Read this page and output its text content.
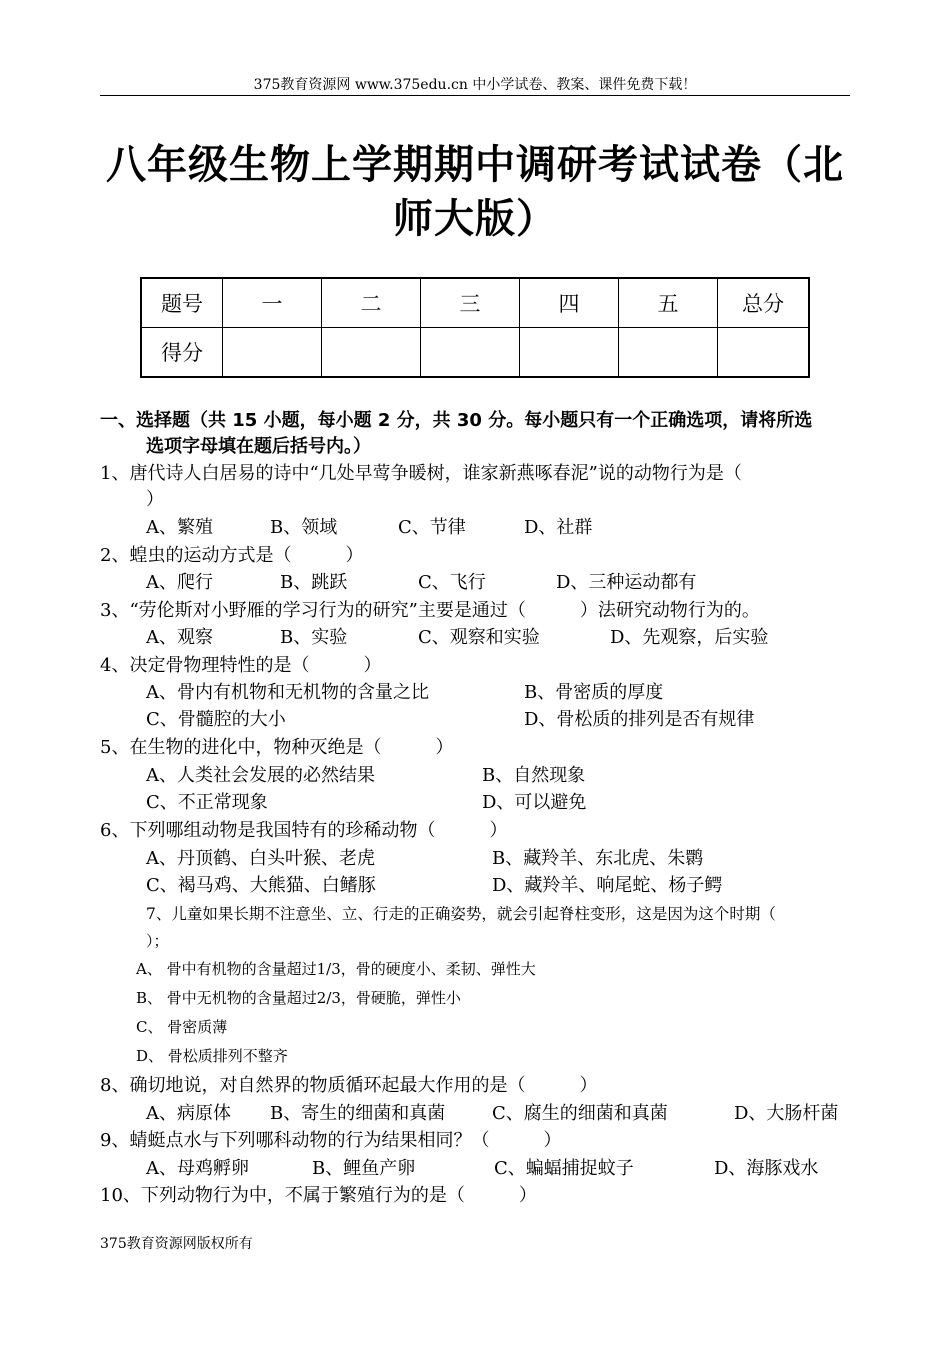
375教育资源网 www.375edu.cn 中小学试卷、教案、课件免费下载！
八年级生物上学期期中调研考试试卷（北
师大版）
题号	一	二	三	四	五	总分
得分						
一、选择题（共 15 小题，每小题 2 分，共 30 分。每小题只有一个正确选项，请将所选
选项字母填在题后括号内。）
1、唐代诗人白居易的诗中“几处早莺争暖树，谁家新燕啄春泥”说的动物行为是（
）
A、繁殖	B、领域	C、节律	D、社群
2、蝗虫的运动方式是（　　　）
A、爬行	B、跳跃	C、飞行	D、三种运动都有
3、“劳伦斯对小野雁的学习行为的研究”主要是通过（　　　）法研究动物行为的。
A、观察	B、实验	C、观察和实验	D、先观察，后实验
4、决定骨物理特性的是（　　　）
A、骨内有机物和无机物的含量之比	B、骨密质的厚度
C、骨髓腔的大小	D、骨松质的排列是否有规律
5、在生物的进化中，物种灭绝是（　　　）
A、人类社会发展的必然结果	B、自然现象
C、不正常现象	D、可以避免
6、下列哪组动物是我国特有的珍稀动物（　　　）
A、丹顶鹤、白头叶猴、老虎	B、藏羚羊、东北虎、朱鹮
C、褐马鸡、大熊猫、白鳍豚	D、藏羚羊、响尾蛇、杨子鳄
7、儿童如果长期不注意坐、立、行走的正确姿势，就会引起脊柱变形，这是因为这个时期（
）；
A、 骨中有机物的含量超过1/3，骨的硬度小、柔韧、弹性大
B、 骨中无机物的含量超过2/3，骨硬脆，弹性小
C、 骨密质薄
D、 骨松质排列不整齐
8、确切地说，对自然界的物质循环起最大作用的是（　　　）
A、病原体 B、寄生的细菌和真菌	C、腐生的细菌和真菌	D、大肠杆菌
9、蜻蜓点水与下列哪科动物的行为结果相同？（　　　）
A、母鸡孵卵	B、鲤鱼产卵	C、蝙蝠捕捉蚊子	D、海豚戏水
10、下列动物行为中，不属于繁殖行为的是（　　　）
375教育资源网版权所有
